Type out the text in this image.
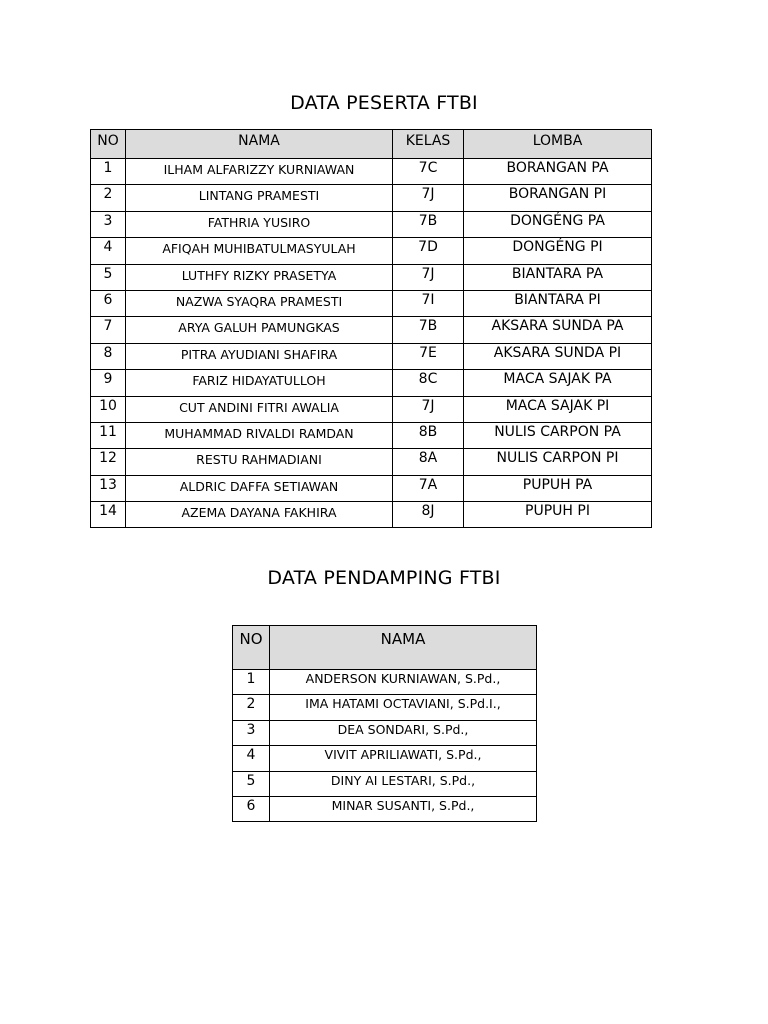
DATA PESERTA FTBI
NO	NAMA	KELAS	LOMBA
1	ILHAM ALFARIZZY KURNIAWAN	7C	BORANGAN PA
2	LINTANG PRAMESTI	7J	BORANGAN PI
3	FATHRIA YUSIRO	7B	DONGÉNG PA
4	AFIQAH MUHIBATULMASYULAH	7D	DONGÉNG PI
5	LUTHFY RIZKY PRASETYA	7J	BIANTARA PA
6	NAZWA SYAQRA PRAMESTI	7I	BIANTARA PI
7	ARYA GALUH PAMUNGKAS	7B	AKSARA SUNDA PA
8	PITRA AYUDIANI SHAFIRA	7E	AKSARA SUNDA PI
9	FARIZ HIDAYATULLOH	8C	MACA SAJAK PA
10	CUT ANDINI FITRI AWALIA	7J	MACA SAJAK PI
11	MUHAMMAD RIVALDI RAMDAN	8B	NULIS CARPON PA
12	RESTU RAHMADIANI	8A	NULIS CARPON PI
13	ALDRIC DAFFA SETIAWAN	7A	PUPUH PA
14	AZEMA DAYANA FAKHIRA	8J	PUPUH PI
DATA PENDAMPING FTBI
NO	NAMA
1	ANDERSON KURNIAWAN, S.Pd.,
2	IMA HATAMI OCTAVIANI, S.Pd.I.,
3	DEA SONDARI, S.Pd.,
4	VIVIT APRILIAWATI, S.Pd.,
5	DINY AI LESTARI, S.Pd.,
6	MINAR SUSANTI, S.Pd.,
